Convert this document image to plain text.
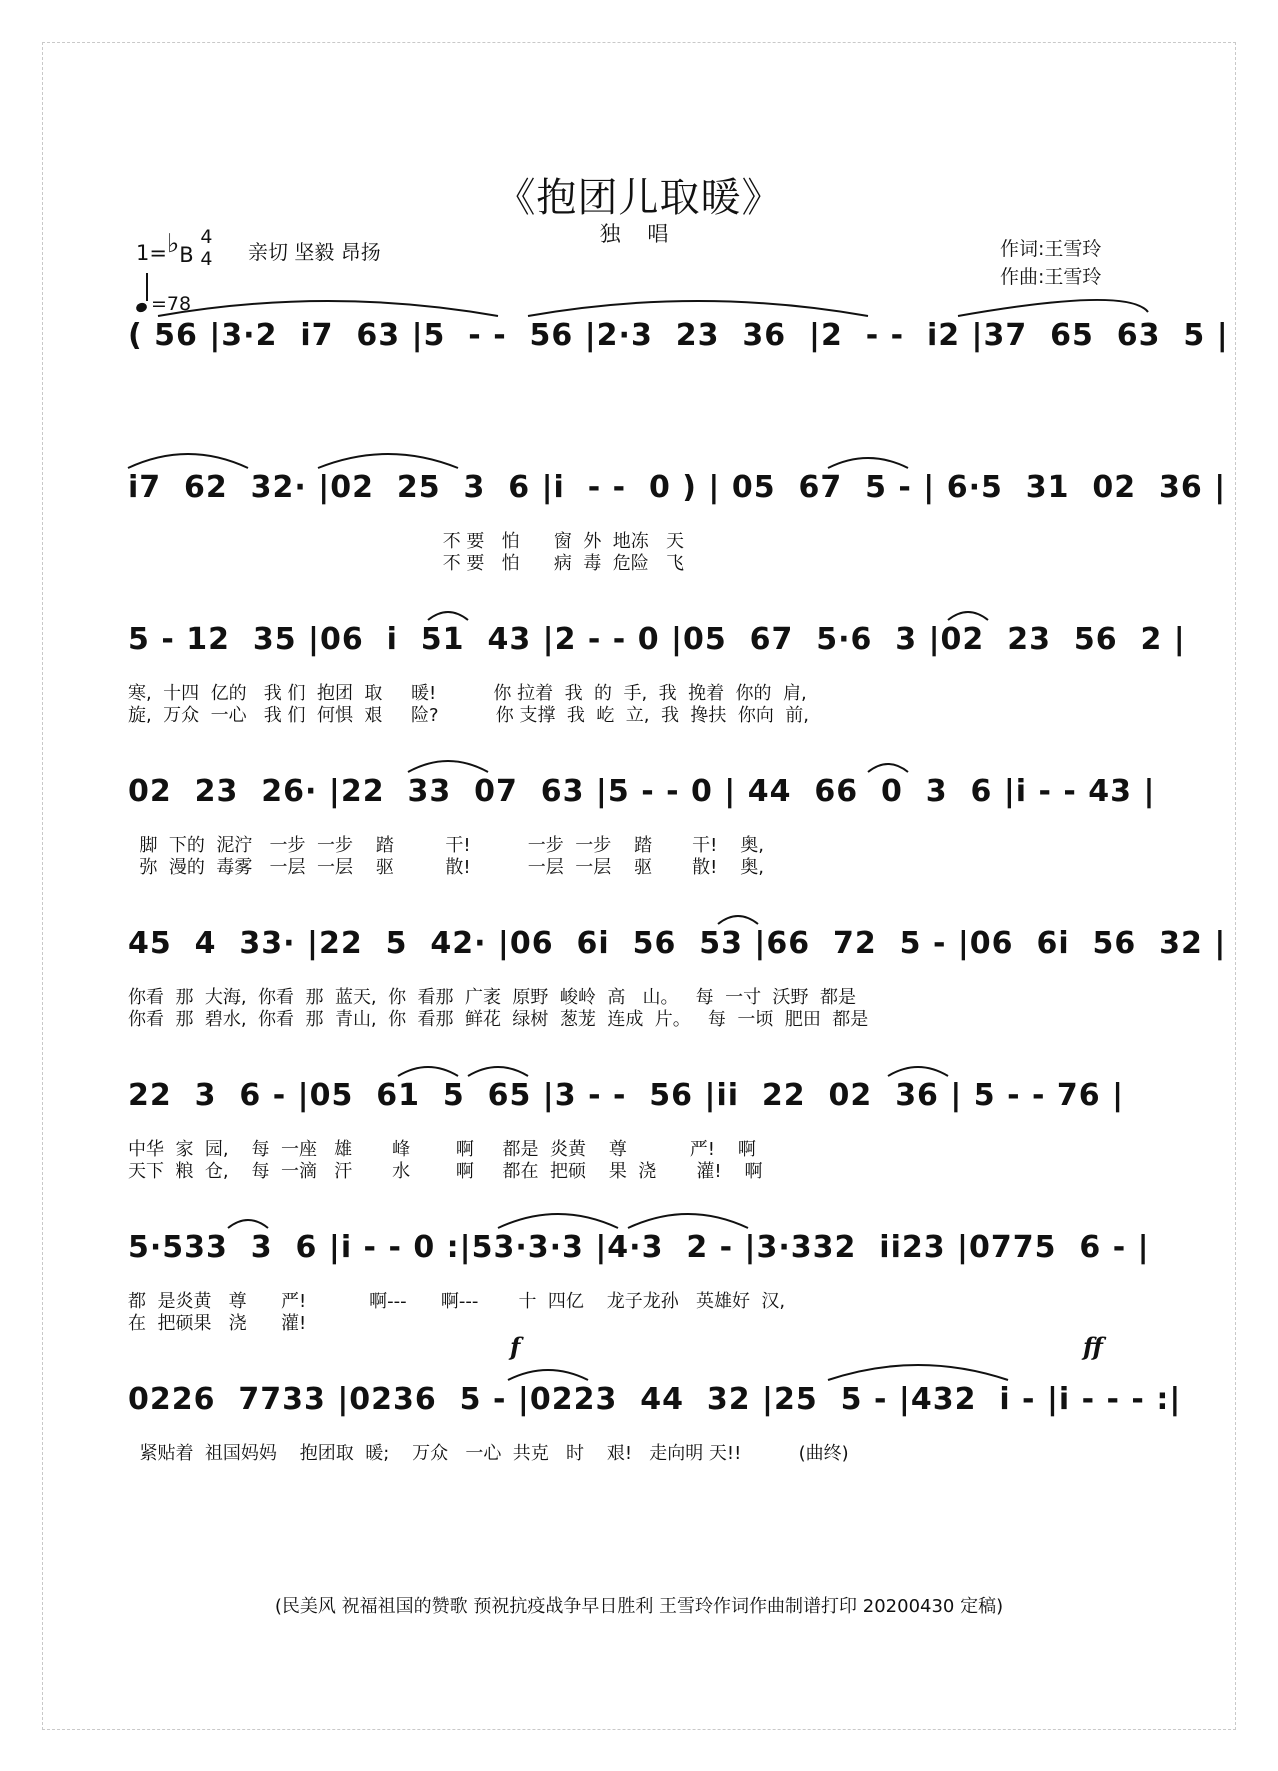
《抱团儿取暖》
独 唱
1=♭B 4
4 亲切 坚毅 昂扬
=78
作词:王雪玲
作曲:王雪玲
( 56 |3·2  i7  63 |5  - -  56 |2·3  23  36  |2  - -  i2 |37  65  63  5 |
i7  62  32· |02  25  3  6 |i  - -  0 ) | 05  67  5 - | 6·5  31  02  36 |
不 要   怕      窗  外  地冻   天
不 要   怕      病  毒  危险   飞
5 - 12  35 |06  i  51  43 |2 - - 0 |05  67  5·6  3 |02  23  56  2 |
寒,  十四  亿的   我 们  抱团  取     暖!          你 拉着  我  的  手,  我  挽着  你的  肩,
旋,  万众  一心   我 们  何惧  艰     险?          你 支撑  我  屹  立,  我  搀扶  你向  前,
02  23  26· |22  33  07  63 |5 - - 0 | 44  66  0  3  6 |i - - 43 |
脚  下的  泥泞   一步  一步    踏         干!          一步  一步    踏       干!    奥,
弥  漫的  毒雾   一层  一层    驱         散!          一层  一层    驱       散!    奥,
45  4  33· |22  5  42· |06  6i  56  53 |66  72  5 - |06  6i  56  32 |
你看  那  大海,  你看  那  蓝天,  你  看那  广袤  原野  峻岭  高   山。   每  一寸  沃野  都是
你看  那  碧水,  你看  那  青山,  你  看那  鲜花  绿树  葱茏  连成  片。   每  一顷  肥田  都是
22  3  6 - |05  61  5  65 |3 - -  56 |ii  22  02  36 | 5 - - 76 |
中华  家  园,    每  一座   雄       峰        啊     都是  炎黄    尊           严!    啊
天下  粮  仓,    每  一滴   汗       水        啊     都在  把硕    果  浇       灌!    啊
5·533  3  6 |i - - 0 :|53·3·3 |4·3  2 - |3·332  ii23 |0775  6 - |
都  是炎黄   尊      严!           啊---      啊---       十  四亿    龙子龙孙   英雄好  汉,
在  把硕果   浇      灌!
f	ff
0226  7733 |0236  5 - |0223  44  32 |25  5 - |432  i - |i - - - :|
紧贴着  祖国妈妈    抱团取  暖;    万众   一心  共克   时    艰!   走向明 天!!          (曲终)
(民美风 祝福祖国的赞歌 预祝抗疫战争早日胜利 王雪玲作词作曲制谱打印 20200430 定稿)
